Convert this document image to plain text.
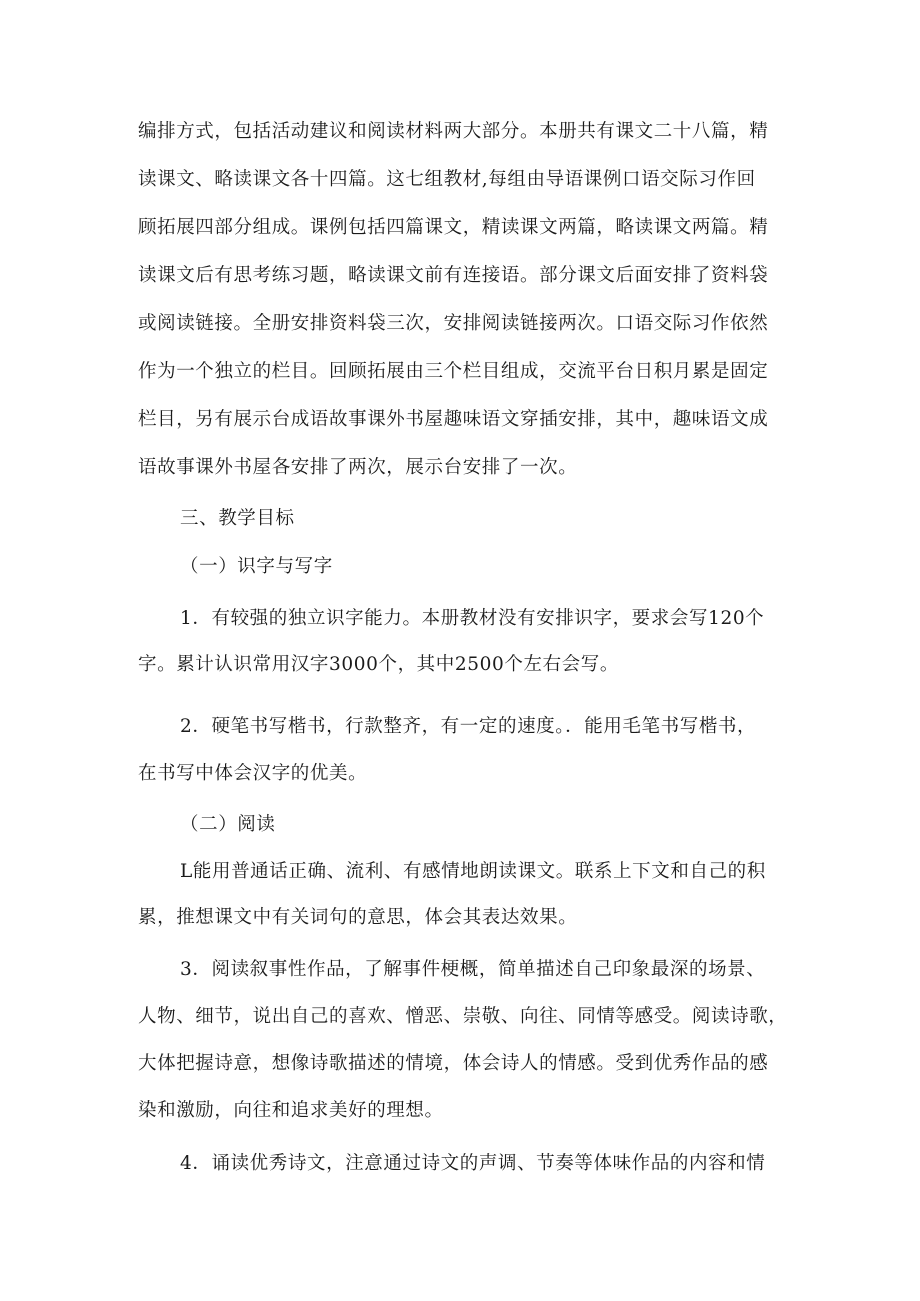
编排方式，包括活动建议和阅读材料两大部分。本册共有课文二十八篇，精
读课文、略读课文各十四篇。这七组教材,每组由导语课例口语交际习作回
顾拓展四部分组成。课例包括四篇课文，精读课文两篇，略读课文两篇。精
读课文后有思考练习题，略读课文前有连接语。部分课文后面安排了资料袋
或阅读链接。全册安排资料袋三次，安排阅读链接两次。口语交际习作依然
作为一个独立的栏目。回顾拓展由三个栏目组成，交流平台日积月累是固定
栏目，另有展示台成语故事课外书屋趣味语文穿插安排，其中，趣味语文成
语故事课外书屋各安排了两次，展示台安排了一次。
三、教学目标
（一）识字与写字
1．有较强的独立识字能力。本册教材没有安排识字，要求会写120个
字。累计认识常用汉字3000个，其中2500个左右会写。
2．硬笔书写楷书，行款整齐，有一定的速度。．能用毛笔书写楷书，
在书写中体会汉字的优美。
（二）阅读
L能用普通话正确、流利、有感情地朗读课文。联系上下文和自己的积
累，推想课文中有关词句的意思，体会其表达效果。
3．阅读叙事性作品，了解事件梗概，简单描述自己印象最深的场景、
人物、细节，说出自己的喜欢、憎恶、崇敬、向往、同情等感受。阅读诗歌，
大体把握诗意，想像诗歌描述的情境，体会诗人的情感。受到优秀作品的感
染和激励，向往和追求美好的理想。
4．诵读优秀诗文，注意通过诗文的声调、节奏等体味作品的内容和情
